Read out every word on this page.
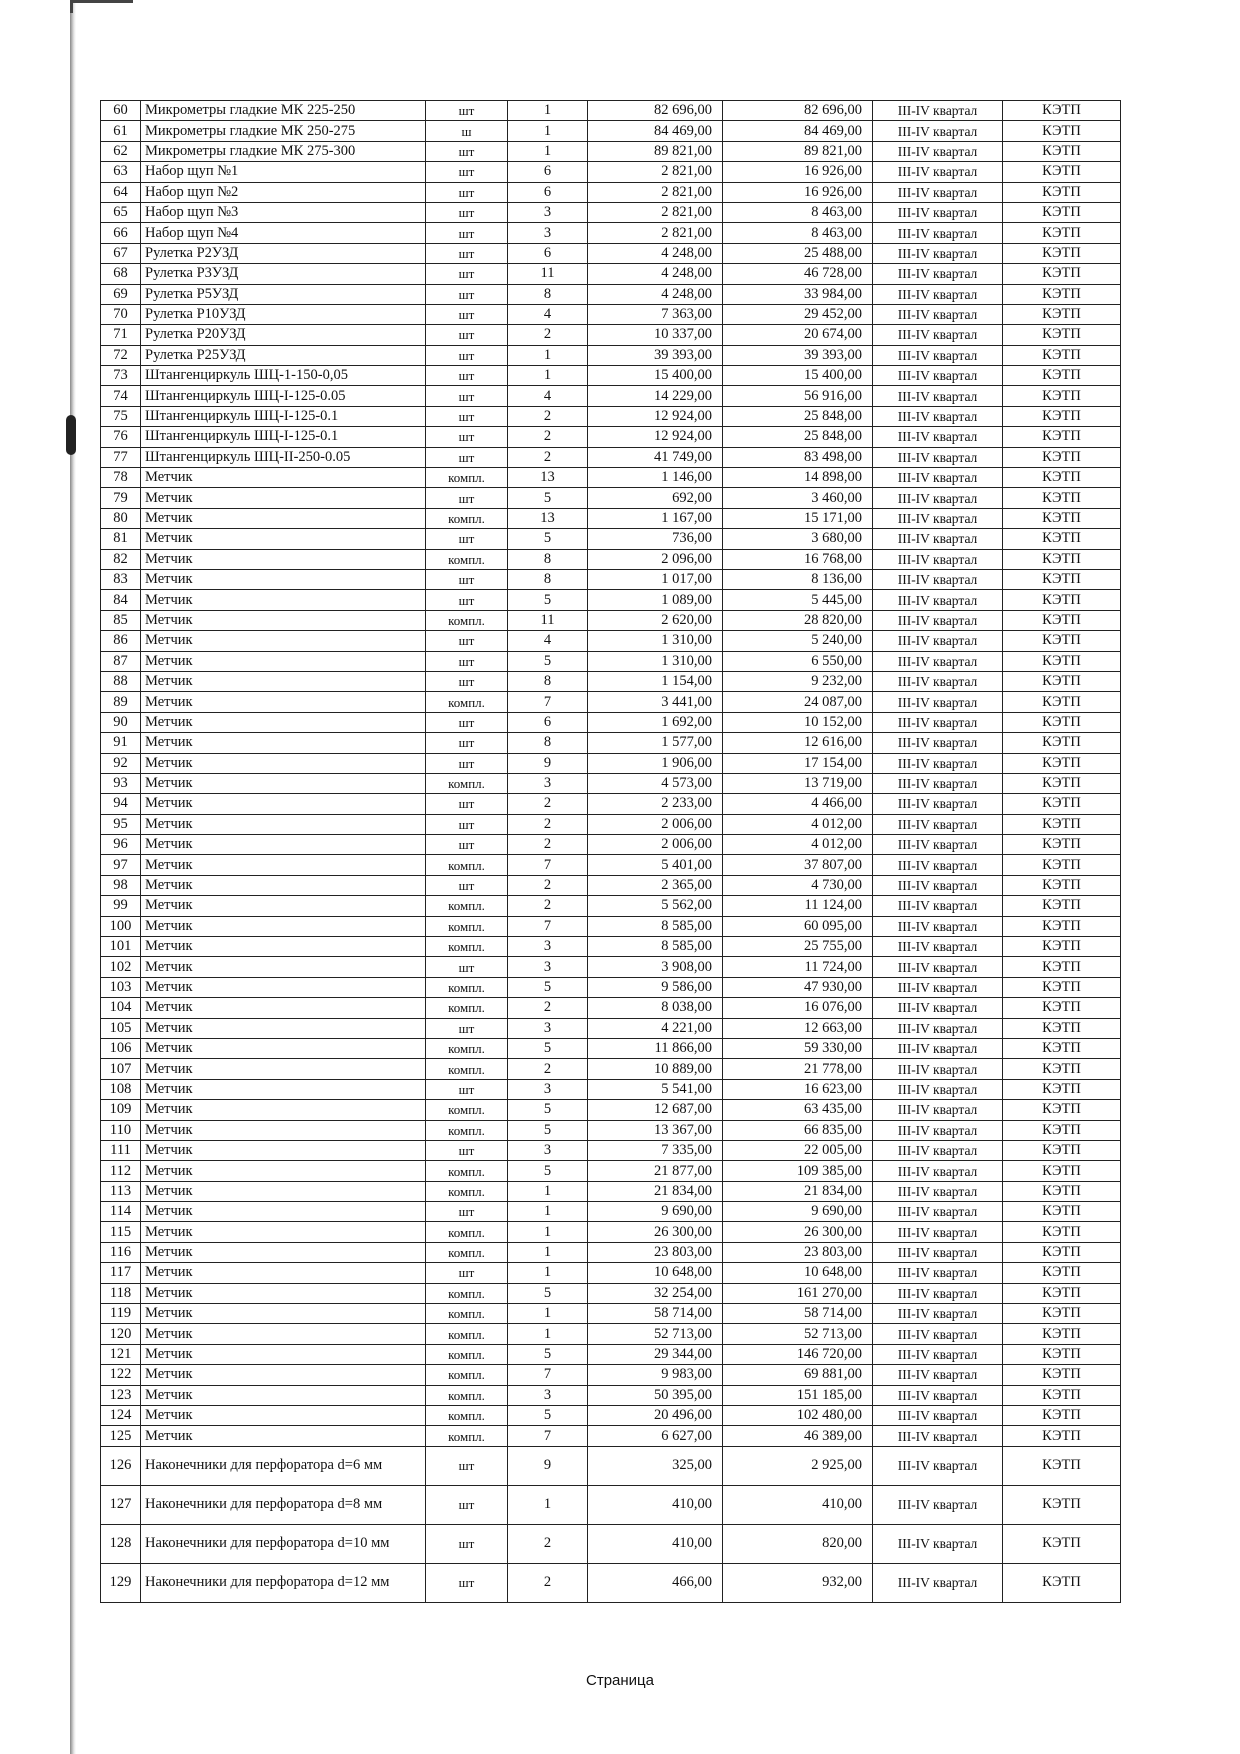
60	Микрометры гладкие МК 225-250	шт	1	82 696,00	82 696,00	III-IV квартал	КЭТП
61	Микрометры гладкие МК 250-275	ш	1	84 469,00	84 469,00	III-IV квартал	КЭТП
62	Микрометры гладкие МК 275-300	шт	1	89 821,00	89 821,00	III-IV квартал	КЭТП
63	Набор щуп №1	шт	6	2 821,00	16 926,00	III-IV квартал	КЭТП
64	Набор щуп №2	шт	6	2 821,00	16 926,00	III-IV квартал	КЭТП
65	Набор щуп №3	шт	3	2 821,00	8 463,00	III-IV квартал	КЭТП
66	Набор щуп №4	шт	3	2 821,00	8 463,00	III-IV квартал	КЭТП
67	Рулетка Р2УЗД	шт	6	4 248,00	25 488,00	III-IV квартал	КЭТП
68	Рулетка Р3УЗД	шт	11	4 248,00	46 728,00	III-IV квартал	КЭТП
69	Рулетка Р5УЗД	шт	8	4 248,00	33 984,00	III-IV квартал	КЭТП
70	Рулетка Р10УЗД	шт	4	7 363,00	29 452,00	III-IV квартал	КЭТП
71	Рулетка Р20УЗД	шт	2	10 337,00	20 674,00	III-IV квартал	КЭТП
72	Рулетка Р25УЗД	шт	1	39 393,00	39 393,00	III-IV квартал	КЭТП
73	Штангенциркуль ШЦ-1-150-0,05	шт	1	15 400,00	15 400,00	III-IV квартал	КЭТП
74	Штангенциркуль ШЦ-I-125-0.05	шт	4	14 229,00	56 916,00	III-IV квартал	КЭТП
75	Штангенциркуль ШЦ-I-125-0.1	шт	2	12 924,00	25 848,00	III-IV квартал	КЭТП
76	Штангенциркуль ШЦ-I-125-0.1	шт	2	12 924,00	25 848,00	III-IV квартал	КЭТП
77	Штангенциркуль ШЦ-II-250-0.05	шт	2	41 749,00	83 498,00	III-IV квартал	КЭТП
78	Метчик	компл.	13	1 146,00	14 898,00	III-IV квартал	КЭТП
79	Метчик	шт	5	692,00	3 460,00	III-IV квартал	КЭТП
80	Метчик	компл.	13	1 167,00	15 171,00	III-IV квартал	КЭТП
81	Метчик	шт	5	736,00	3 680,00	III-IV квартал	КЭТП
82	Метчик	компл.	8	2 096,00	16 768,00	III-IV квартал	КЭТП
83	Метчик	шт	8	1 017,00	8 136,00	III-IV квартал	КЭТП
84	Метчик	шт	5	1 089,00	5 445,00	III-IV квартал	КЭТП
85	Метчик	компл.	11	2 620,00	28 820,00	III-IV квартал	КЭТП
86	Метчик	шт	4	1 310,00	5 240,00	III-IV квартал	КЭТП
87	Метчик	шт	5	1 310,00	6 550,00	III-IV квартал	КЭТП
88	Метчик	шт	8	1 154,00	9 232,00	III-IV квартал	КЭТП
89	Метчик	компл.	7	3 441,00	24 087,00	III-IV квартал	КЭТП
90	Метчик	шт	6	1 692,00	10 152,00	III-IV квартал	КЭТП
91	Метчик	шт	8	1 577,00	12 616,00	III-IV квартал	КЭТП
92	Метчик	шт	9	1 906,00	17 154,00	III-IV квартал	КЭТП
93	Метчик	компл.	3	4 573,00	13 719,00	III-IV квартал	КЭТП
94	Метчик	шт	2	2 233,00	4 466,00	III-IV квартал	КЭТП
95	Метчик	шт	2	2 006,00	4 012,00	III-IV квартал	КЭТП
96	Метчик	шт	2	2 006,00	4 012,00	III-IV квартал	КЭТП
97	Метчик	компл.	7	5 401,00	37 807,00	III-IV квартал	КЭТП
98	Метчик	шт	2	2 365,00	4 730,00	III-IV квартал	КЭТП
99	Метчик	компл.	2	5 562,00	11 124,00	III-IV квартал	КЭТП
100	Метчик	компл.	7	8 585,00	60 095,00	III-IV квартал	КЭТП
101	Метчик	компл.	3	8 585,00	25 755,00	III-IV квартал	КЭТП
102	Метчик	шт	3	3 908,00	11 724,00	III-IV квартал	КЭТП
103	Метчик	компл.	5	9 586,00	47 930,00	III-IV квартал	КЭТП
104	Метчик	компл.	2	8 038,00	16 076,00	III-IV квартал	КЭТП
105	Метчик	шт	3	4 221,00	12 663,00	III-IV квартал	КЭТП
106	Метчик	компл.	5	11 866,00	59 330,00	III-IV квартал	КЭТП
107	Метчик	компл.	2	10 889,00	21 778,00	III-IV квартал	КЭТП
108	Метчик	шт	3	5 541,00	16 623,00	III-IV квартал	КЭТП
109	Метчик	компл.	5	12 687,00	63 435,00	III-IV квартал	КЭТП
110	Метчик	компл.	5	13 367,00	66 835,00	III-IV квартал	КЭТП
111	Метчик	шт	3	7 335,00	22 005,00	III-IV квартал	КЭТП
112	Метчик	компл.	5	21 877,00	109 385,00	III-IV квартал	КЭТП
113	Метчик	компл.	1	21 834,00	21 834,00	III-IV квартал	КЭТП
114	Метчик	шт	1	9 690,00	9 690,00	III-IV квартал	КЭТП
115	Метчик	компл.	1	26 300,00	26 300,00	III-IV квартал	КЭТП
116	Метчик	компл.	1	23 803,00	23 803,00	III-IV квартал	КЭТП
117	Метчик	шт	1	10 648,00	10 648,00	III-IV квартал	КЭТП
118	Метчик	компл.	5	32 254,00	161 270,00	III-IV квартал	КЭТП
119	Метчик	компл.	1	58 714,00	58 714,00	III-IV квартал	КЭТП
120	Метчик	компл.	1	52 713,00	52 713,00	III-IV квартал	КЭТП
121	Метчик	компл.	5	29 344,00	146 720,00	III-IV квартал	КЭТП
122	Метчик	компл.	7	9 983,00	69 881,00	III-IV квартал	КЭТП
123	Метчик	компл.	3	50 395,00	151 185,00	III-IV квартал	КЭТП
124	Метчик	компл.	5	20 496,00	102 480,00	III-IV квартал	КЭТП
125	Метчик	компл.	7	6 627,00	46 389,00	III-IV квартал	КЭТП
126	Наконечники для перфоратора d=6 мм	шт	9	325,00	2 925,00	III-IV квартал	КЭТП
127	Наконечники для перфоратора d=8 мм	шт	1	410,00	410,00	III-IV квартал	КЭТП
128	Наконечники для перфоратора d=10 мм	шт	2	410,00	820,00	III-IV квартал	КЭТП
129	Наконечники для перфоратора d=12 мм	шт	2	466,00	932,00	III-IV квартал	КЭТП
Страница
